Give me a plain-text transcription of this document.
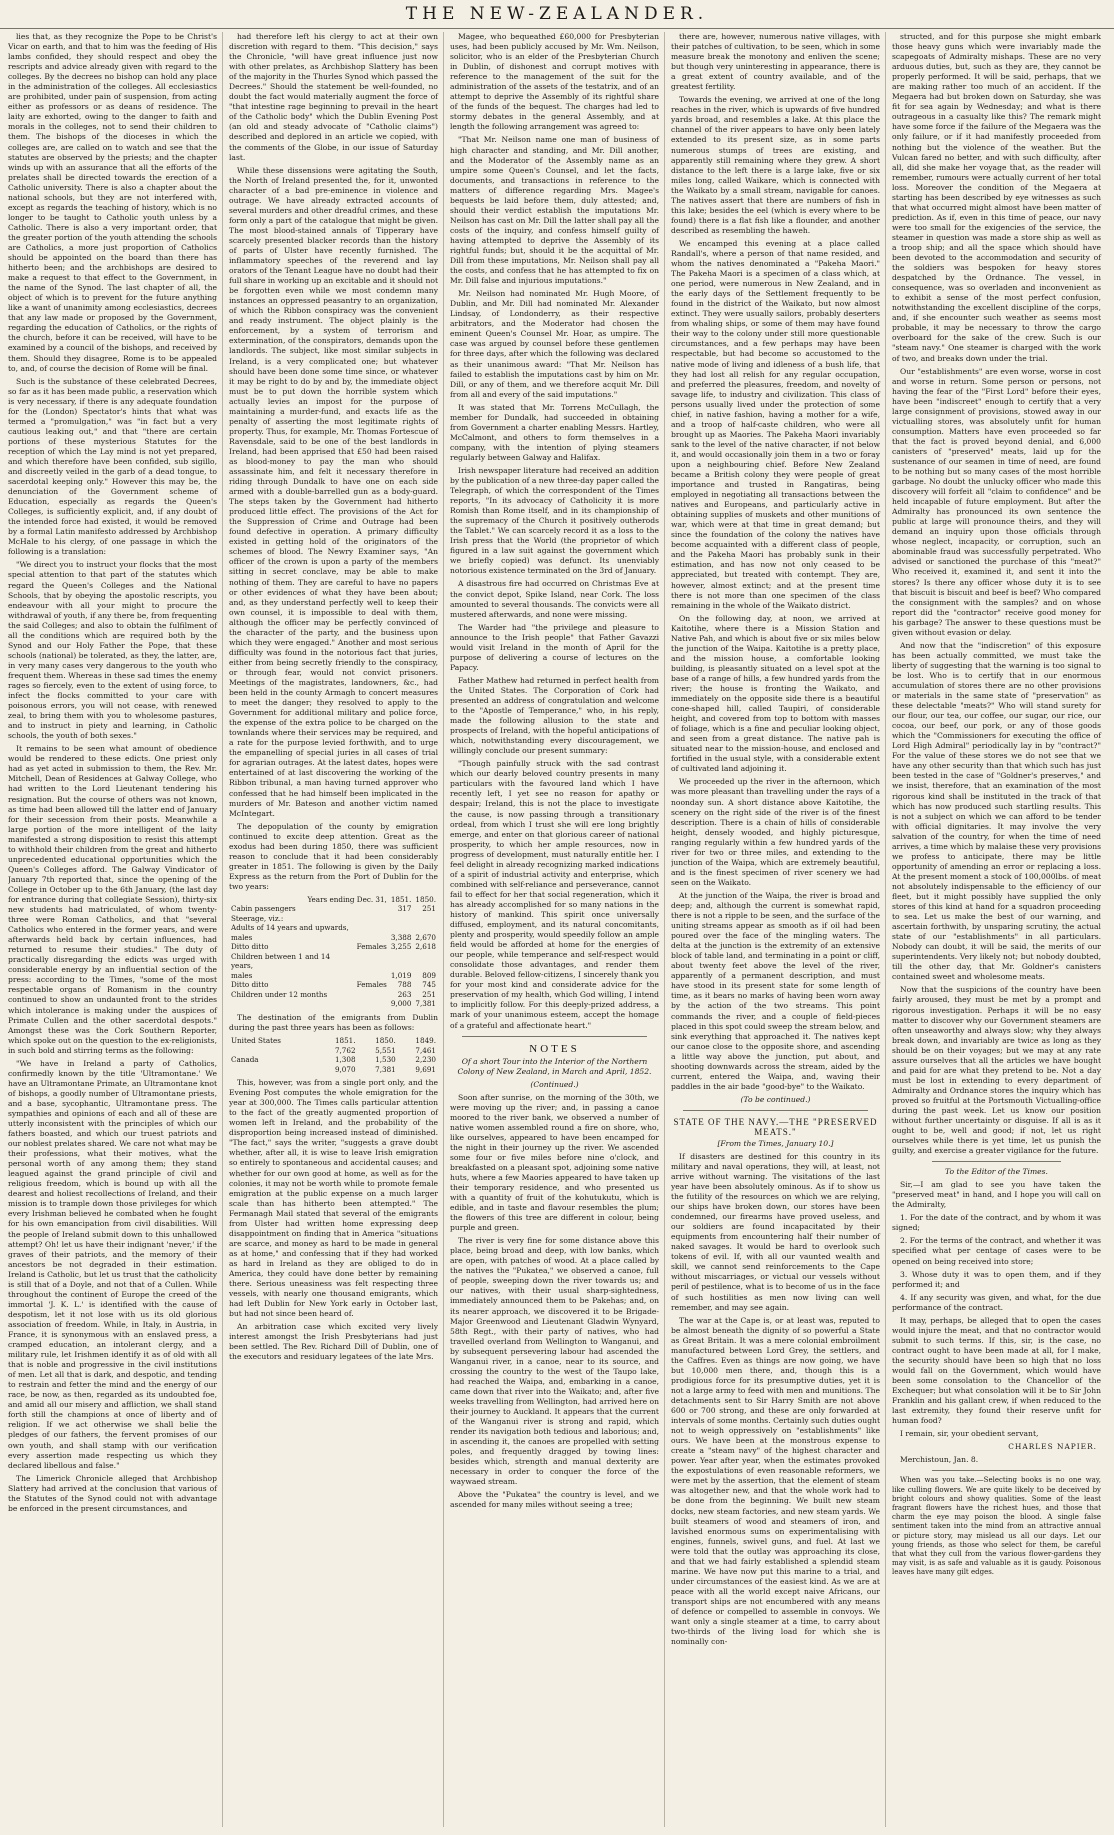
THE NEW-ZEALANDER.

lies that, as they recognize the Pope to be Christ's Vicar on earth, and that to him was the feeding of His lambs confided, they should respect and obey the rescripts and advice already given with regard to the colleges. By the decrees no bishop can hold any place in the administration of the colleges. All ecclesiastics are prohibited, under pain of suspension, from acting either as professors or as deans of residence. The laity are exhorted, owing to the danger to faith and morals in the colleges, not to send their children to them. The bishops of the dioceses in which the colleges are, are called on to watch and see that the statutes are observed by the priests; and the chapter winds up with an assurance that all the efforts of the prelates shall be directed towards the erection of a Catholic university. There is also a chapter about the national schools, but they are not interfered with, except as regards the teaching of history, which is no longer to be taught to Catholic youth unless by a Catholic. There is also a very important order, that the greater portion of the youth attending the schools are Catholics, a more just proportion of Catholics should be appointed on the board than there has hitherto been; and the archbishops are desired to make a request to that effect to the Government, in the name of the Synod. The last chapter of all, the object of which is to prevent for the future anything like a want of unanimity among ecclesiastics, decrees that any law made or proposed by the Government, regarding the education of Catholics, or the rights of the church, before it can be received, will have to be examined by a council of the bishops, and received by them. Should they disagree, Rome is to be appealed to, and, of course the decision of Rome will be final.

Such is the substance of these celebrated Decrees, so far as it has been made public, a reservation which is very necessary, if there is any adequate foundation for the (London) Spectator's hints that what was termed a "promulgation," was "in fact but a very cautious leaking out," and that "there are certain portions of these mysterious Statutes for the reception of which the Lay mind is not yet prepared, and which therefore have been confided, sub sigillo, and discreetly veiled in the garb of a dead tongue, to sacerdotal keeping only." However this may be, the denunciation of the Government scheme of Education, especially as regards the Queen's Colleges, is sufficiently explicit, and, if any doubt of the intended force had existed, it would be removed by a formal Latin manifesto addressed by Archbishop McHale to his clergy, of one passage in which the following is a translation:

"We direct you to instruct your flocks that the most special attention to that part of the statutes which regard the Queen's Colleges and the National Schools, that by obeying the apostolic rescripts, you endeavour with all your might to procure the withdrawal of youth, if any there be, from frequenting the said Colleges; and also to obtain the fulfilment of all the conditions which are required both by the Synod and our Holy Father the Pope, that these schools (national) be tolerated, as they, the latter, are, in very many cases very dangerous to the youth who frequent them. Whereas in these sad times the enemy rages so fiercely, even to the extent of using force, to infect the flocks committed to your care with poisonous errors, you will not cease, with renewed zeal, to bring them with you to wholesome pastures, and to instruct in piety and learning, in Catholic schools, the youth of both sexes."

It remains to be seen what amount of obedience would be rendered to these edicts. One priest only had as yet acted in submission to them, the Rev. Mr. Mitchell, Dean of Residences at Galway College, who had written to the Lord Lieutenant tendering his resignation. But the course of others was not known, as time had been allowed till the latter end of January for their secession from their posts. Meanwhile a large portion of the more intelligent of the laity manifested a strong disposition to resist this attempt to withhold their children from the great and hitherto unprecedented educational opportunities which the Queen's Colleges afford. The Galway Vindicator of January 7th reported that, since the opening of the College in October up to the 6th January, (the last day for entrance during that collegiate Session), thirty-six new students had matriculated, of whom twenty-three were Roman Catholics, and that "several Catholics who entered in the former years, and were afterwards held back by certain influences, had returned to resume their studies." The duty of practically disregarding the edicts was urged with considerable energy by an influential section of the press: according to the Times, "some of the most respectable organs of Romanism in the country continued to show an undaunted front to the strides which intolerance is making under the auspices of Primate Cullen and the other sacerdotal despots." Amongst these was the Cork Southern Reporter, which spoke out on the question to the ex-religionists, in such bold and stirring terms as the following:

"We have in Ireland a party of Catholics, confirmedly known by the title 'Ultramontane.' We have an Ultramontane Primate, an Ultramontane knot of bishops, a goodly number of Ultramontane priests, and a base, sycophantic, Ultramontane press. The sympathies and opinions of each and all of these are utterly inconsistent with the principles of which our fathers boasted, and which our truest patriots and our noblest prelates shared. We care not what may be their professions, what their motives, what the personal worth of any among them; they stand leagued against the grand principle of civil and religious freedom, which is bound up with all the dearest and holiest recollections of Ireland, and their mission is to trample down those privileges for which every Irishman believed he combated when he fought for his own emancipation from civil disabilities. Will the people of Ireland submit down to this unhallowed attempt? Oh! let us have their indignant 'never,' if the graves of their patriots, and the memory of their ancestors be not degraded in their estimation. Ireland is Catholic, but let us trust that the catholicity is still that of a Doyle, and not that of a Cullen. While throughout the continent of Europe the creed of the immortal 'J. K. L.' is identified with the cause of despotism, let it not lose with us its old glorious association of freedom. While, in Italy, in Austria, in France, it is synonymous with an enslaved press, a cramped education, an intolerant clergy, and a military rule, let Irishmen identify it as of old with all that is noble and progressive in the civil institutions of men. Let all that is dark, and despotic, and tending to restrain and fetter the mind and the energy of our race, be now, as then, regarded as its undoubted foe, and amid all our misery and affliction, we shall stand forth still the champions at once of liberty and of religion. If we act otherwise we shall belie the pledges of our fathers, the fervent promises of our own youth, and shall stamp with our verification every assertion made respecting us which they declared libellous and false."

The Limerick Chronicle alleged that Archbishop Slattery had arrived at the conclusion that various of the Statutes of the Synod could not with advantage be enforced in the present circumstances, and

had therefore left his clergy to act at their own discretion with regard to them. "This decision," says the Chronicle, "will have great influence just now with other prelates, as Archbishop Slattery has been of the majority in the Thurles Synod which passed the Decrees." Should the statement be well-founded, no doubt the fact would materially augment the force of "that intestine rage beginning to prevail in the heart of the Catholic body" which the Dublin Evening Post (an old and steady advocate of "Catholic claims") described and deplored in an article we copied, with the comments of the Globe, in our issue of Saturday last.

While these dissensions were agitating the South, the North of Ireland presented the, for it, unwonted character of a bad pre-eminence in violence and outrage. We have already extracted accounts of several murders and other dreadful crimes, and these form only a part of the catalogue that might be given. The most blood-stained annals of Tipperary have scarcely presented blacker records than the history of parts of Ulster have recently furnished. The inflammatory speeches of the reverend and lay orators of the Tenant League have no doubt had their full share in working up an excitable and it should not be forgotten even while we most condemn many instances an oppressed peasantry to an organization, of which the Ribbon conspiracy was the convenient and ready instrument. The object plainly is the enforcement, by a system of terrorism and extermination, of the conspirators, demands upon the landlords. The subject, like most similar subjects in Ireland, is a very complicated one; but whatever should have been done some time since, or whatever it may be right to do by and by, the immediate object must be to put down the horrible system which actually levies an impost for the purpose of maintaining a murder-fund, and exacts life as the penalty of asserting the most legitimate rights of property. Thus, for example, Mr. Thomas Fortescue of Ravensdale, said to be one of the best landlords in Ireland, had been apprised that £50 had been raised as blood-money to pay the man who should assassinate him, and felt it necessary therefore in riding through Dundalk to have one on each side armed with a double-barrelled gun as a body-guard. The steps taken by the Government had hitherto produced little effect. The provisions of the Act for the Suppression of Crime and Outrage had been found defective in operation. A primary difficulty existed in getting hold of the originators of the schemes of blood. The Newry Examiner says, "An officer of the crown is upon a party of the members sitting in secret conclave, may be able to make nothing of them. They are careful to have no papers or other evidences of what they have been about; and, as they understand perfectly well to keep their own counsel, it is impossible to deal with them, although the officer may be perfectly convinced of the character of the party, and the business upon which they were engaged." Another and most serious difficulty was found in the notorious fact that juries, either from being secretly friendly to the conspiracy, or through fear, would not convict prisoners. Meetings of the magistrates, landowners, &c., had been held in the county Armagh to concert measures to meet the danger; they resolved to apply to the Government for additional military and police force, the expense of the extra police to be charged on the townlands where their services may be required, and a rate for the purpose levied forthwith, and to urge the empanelling of special juries in all cases of trial for agrarian outrages. At the latest dates, hopes were entertained of at last discovering the working of the Ribbon tribunal, a man having turned approver who confessed that he had himself been implicated in the murders of Mr. Bateson and another victim named McIntegart.

The depopulation of the county by emigration continued to excite deep attention. Great as the exodus had been during 1850, there was sufficient reason to conclude that it had been considerably greater in 1851. The following is given by the Daily Express as the return from the Port of Dublin for the two years:

Years ending Dec. 31,		1851.	1850.
Cabin passengers		317	251
Steerage, viz.:			
Adults of 14 years and upwards,			
males		3,388	2,670
Ditto ditto	Females	3,255	2,618
Children between 1 and 14 years,			
males		1,019	809
Ditto ditto	Females	788	745
Children under 12 months		263	251
		9,000	7,381

The destination of the emigrants from Dublin during the past three years has been as follows:

United States	1851.	1850.	1849.
	7,762	5,551	7,461
Canada	1,308	1,530	2,230
	9,070	7,381	9,691

This, however, was from a single port only, and the Evening Post computes the whole emigration for the year at 300,000. The Times calls particular attention to the fact of the greatly augmented proportion of women left in Ireland, and the probability of the disproportion being increased instead of diminished. "The fact," says the writer, "suggests a grave doubt whether, after all, it is wise to leave Irish emigration so entirely to spontaneous and accidental causes; and whether for our own good at home, as well as for the colonies, it may not be worth while to promote female emigration at the public expense on a much larger scale than has hitherto been attempted." The Fermanagh Mail stated that several of the emigrants from Ulster had written home expressing deep disappointment on finding that in America "situations are scarce, and money as hard to be made in general as at home," and confessing that if they had worked as hard in Ireland as they are obliged to do in America, they could have done better by remaining there. Serious uneasiness was felt respecting three vessels, with nearly one thousand emigrants, which had left Dublin for New York early in October last, but had not since been heard of.

An arbitration case which excited very lively interest amongst the Irish Presbyterians had just been settled. The Rev. Richard Dill of Dublin, one of the executors and residuary legatees of the late Mrs.

Magee, who bequeathed £60,000 for Presbyterian uses, had been publicly accused by Mr. Wm. Neilson, solicitor, who is an elder of the Presbyterian Church in Dublin, of dishonest and corrupt motives with reference to the management of the suit for the administration of the assets of the testatrix, and of an attempt to deprive the Assembly of its rightful share of the funds of the bequest. The charges had led to stormy debates in the general Assembly, and at length the following arrangement was agreed to:

"That Mr. Neilson name one man of business of high character and standing, and Mr. Dill another, and the Moderator of the Assembly name as an umpire some Queen's Counsel, and let the facts, documents, and transactions in reference to the matters of difference regarding Mrs. Magee's bequests be laid before them, duly attested; and, should their verdict establish the imputations Mr. Neilson has cast on Mr. Dill the latter shall pay all the costs of the inquiry, and confess himself guilty of having attempted to deprive the Assembly of its rightful funds; but, should it be the acquittal of Mr. Dill from these imputations, Mr. Neilson shall pay all the costs, and confess that he has attempted to fix on Mr. Dill false and injurious imputations."

Mr. Neilson had nominated Mr. Hugh Moore, of Dublin, and Mr. Dill had nominated Mr. Alexander Lindsay, of Londonderry, as their respective arbitrators, and the Moderator had chosen the eminent Queen's Counsel Mr. Hoar, as umpire. The case was argued by counsel before these gentlemen for three days, after which the following was declared as their unanimous award: "That Mr. Neilson has failed to establish the imputations cast by him on Mr. Dill, or any of them, and we therefore acquit Mr. Dill from all and every of the said imputations."

It was stated that Mr. Torrens McCullagh, the member for Dundalk, had succeeded in obtaining from Government a charter enabling Messrs. Hartley, McCalmont, and others to form themselves in a company, with the intention of plying steamers regularly between Galway and Halifax.

Irish newspaper literature had received an addition by the publication of a new three-day paper called the Telegraph, of which the correspondent of the Times reports, "In its advocacy of Catholicity it is more Romish than Rome itself, and in its championship of the supremacy of the Church it positively outherods the Tablet." We can scarcely record it as a loss to the Irish press that the World (the proprietor of which figured in a law suit against the government which we briefly copied) was defunct. Its unenviably notorious existence terminated on the 3rd of January.

A disastrous fire had occurred on Christmas Eve at the convict depot, Spike Island, near Cork. The loss amounted to several thousands. The convicts were all mustered afterwards, and none were missing.

The Warder had "the privilege and pleasure to announce to the Irish people" that Father Gavazzi would visit Ireland in the month of April for the purpose of delivering a course of lectures on the Papacy.

Father Mathew had returned in perfect health from the United States. The Corporation of Cork had presented an address of congratulation and welcome to the "Apostle of Temperance," who, in his reply, made the following allusion to the state and prospects of Ireland, with the hopeful anticipations of which, notwithstanding every discouragement, we willingly conclude our present summary:

"Though painfully struck with the sad contrast which our dearly beloved country presents in many particulars with the favoured land which I have recently left, I yet see no reason for apathy or despair; Ireland, this is not the place to investigate the cause, is now passing through a transitionary ordeal, from which I trust she will ere long brightly emerge, and enter on that glorious career of national prosperity, to which her ample resources, now in progress of development, must naturally entitle her. I feel delight in already recognizing marked indications of a spirit of industrial activity and enterprise, which combined with self-reliance and perseverance, cannot fail to effect for her that social regeneration, which it has already accomplished for so many nations in the history of mankind. This spirit once universally diffused, employment, and its natural concomitants, plenty and prosperity, would speedily follow an ample field would be afforded at home for the energies of our people, while temperance and self-respect would consolidate those advantages, and render them durable. Beloved fellow-citizens, I sincerely thank you for your most kind and considerate advice for the preservation of my health, which God willing, I intend to implicitly follow. For this deeply-prized address, a mark of your unanimous esteem, accept the homage of a grateful and affectionate heart."

NOTES
Of a short Tour into the Interior of the Northern Colony of New Zealand, in March and April, 1852.
(Continued.)

Soon after sunrise, on the morning of the 30th, we were moving up the river; and, in passing a canoe moored to the river bank, we observed a number of native women assembled round a fire on shore, who, like ourselves, appeared to have been encamped for the night in their journey up the river. We ascended some four or five miles before nine o'clock, and breakfasted on a pleasant spot, adjoining some native huts, where a few Maories appeared to have taken up their temporary residence, and who presented us with a quantity of fruit of the kohutukutu, which is edible, and in taste and flavour resembles the plum; the flowers of this tree are different in colour, being purple and green.

The river is very fine for some distance above this place, being broad and deep, with low banks, which are open, with patches of wood. At a place called by the natives the "Pukatea," we observed a canoe, full of people, sweeping down the river towards us; and our natives, with their usual sharp-sightedness, immediately announced them to be Pakehas; and, on its nearer approach, we discovered it to be Brigade-Major Greenwood and Lieutenant Gladwin Wynyard, 58th Regt., with their party of natives, who had travelled overland from Wellington to Wanganui, and by subsequent persevering labour had ascended the Wanganui river, in a canoe, near to its source, and crossing the country to the west of the Taupo lake, had reached the Waipa, and, embarking in a canoe, came down that river into the Waikato; and, after five weeks travelling from Wellington, had arrived here on their journey to Auckland. It appears that the current of the Wanganui river is strong and rapid, which render its navigation both tedious and laborious; and, in ascending it, the canoes are propelled with setting poles, and frequently dragged by towing lines: besides which, strength and manual dexterity are necessary in order to conquer the force of the waywaed stream.

Above the "Pukatea" the country is level, and we ascended for many miles without seeing a tree;

there are, however, numerous native villages, with their patches of cultivation, to be seen, which in some measure break the monotony and enliven the scene; but though very uninteresting in appearance, there is a great extent of country available, and of the greatest fertility.

Towards the evening, we arrived at one of the long reaches in the river, which is upwards of five hundred yards broad, and resembles a lake. At this place the channel of the river appears to have only been lately extended to its present size, as in some parts numerous stumps of trees are existing, and apparently still remaining where they grew. A short distance to the left there is a large lake, five or six miles long, called Waikare, which is connected with the Waikato by a small stream, navigable for canoes. The natives assert that there are numbers of fish in this lake; besides the eel (which is every where to be found) there is a flat fish like a flounder, and another described as resembling the haweh.

We encamped this evening at a place called Randall's, where a person of that name resided, and whom the natives denominated a "Pakeha Maori." The Pakeha Maori is a specimen of a class which, at one period, were numerous in New Zealand, and in the early days of the Settlement frequently to be found in the district of the Waikato, but now almost extinct. They were usually sailors, probably deserters from whaling ships, or some of them may have found their way to the colony under still more questionable circumstances, and a few perhaps may have been respectable, but had become so accustomed to the native mode of living and idleness of a bush life, that they had lost all relish for any regular occupation, and preferred the pleasures, freedom, and novelty of savage life, to industry and civilization. This class of persons usually lived under the protection of some chief, in native fashion, having a mother for a wife, and a troop of half-caste children, who were all brought up as Maories. The Pakeha Maori invariably sank to the level of the native character, if not below it, and would occasionally join them in a two or foray upon a neighbouring chief. Before New Zealand became a British colony they were people of great importance and trusted in Rangatiras, being employed in negotiating all transactions between the natives and Europeans, and particularly active in obtaining supplies of muskets and other munitions of war, which were at that time in great demand; but since the foundation of the colony the natives have become acquainted with a different class of people, and the Pakeha Maori has probably sunk in their estimation, and has now not only ceased to be appreciated, but treated with contempt. They are, however, almost extinct; and at the present time there is not more than one specimen of the class remaining in the whole of the Waikato district.

On the following day, at noon, we arrived at Kaitotihe, where there is a Mission Station and Native Pah, and which is about five or six miles below the junction of the Waipa. Kaitotihe is a pretty place, and the mission house, a comfortable looking building, is pleasantly situated on a level spot at the base of a range of hills, a few hundred yards from the river; the house is fronting the Waikato, and immediately on the opposite side there is a beautiful cone-shaped hill, called Taupiri, of considerable height, and covered from top to bottom with masses of foliage, which is a fine and peculiar looking object, and seen from a great distance. The native pah is situated near to the mission-house, and enclosed and fortified in the usual style, with a considerable extent of cultivated land adjoining it.

We proceeded up the river in the afternoon, which was more pleasant than travelling under the rays of a noonday sun. A short distance above Kaitotihe, the scenery on the right side of the river is of the finest description. There is a chain of hills of considerable height, densely wooded, and highly picturesque, ranging regularly within a few hundred yards of the river for two or three miles, and extending to the junction of the Waipa, which are extremely beautiful, and is the finest specimen of river scenery we had seen on the Waikato.

At the junction of the Waipa, the river is broad and deep; and, although the current is somewhat rapid, there is not a ripple to be seen, and the surface of the uniting streams appear as smooth as if oil had been poured over the face of the mingling waters. The delta at the junction is the extremity of an extensive block of table land, and terminating in a point or cliff, about twenty feet above the level of the river, apparently of a permanent description, and must have stood in its present state for some length of time, as it bears no marks of having been worn away by the action of the two streams. This point commands the river, and a couple of field-pieces placed in this spot could sweep the stream below, and sink everything that approached it. The natives kept our canoe close to the opposite shore, and ascending a little way above the junction, put about, and shooting downwards across the stream, aided by the current, entered the Waipa, and, waving their paddles in the air bade "good-bye" to the Waikato.

(To be continued.)
STATE OF THE NAVY.—THE "PRESERVED MEATS."
[From the Times, January 10.]

If disasters are destined for this country in its military and naval operations, they will, at least, not arrive without warning. The visitations of the last year have been absolutely ominous. As if to show us the futility of the resources on which we are relying, our ships have broken down, our stores have been condemned, our firearms have proved useless, and our soldiers are found incapacitated by their equipments from encountering half their number of naked savages. It would be hard to overlook such tokens of evil. If, with all our vaunted wealth and skill, we cannot send reinforcements to the Cape without miscarriages, or victual our vessels without peril of pestilence, what is to become of us in the face of such hostilities as men now living can well remember, and may see again.

The war at the Cape is, or at least was, reputed to be almost beneath the dignity of so powerful a State as Great Britain. It was a mere colonial embroilment manufactured between Lord Grey, the settlers, and the Caffres. Even as things are now going, we have but 10,000 men there, and, though this is a prodigious force for its presumptive duties, yet it is not a large army to feed with men and munitions. The detachments sent to Sir Harry Smith are not above 600 or 700 strong, and these are only forwarded at intervals of some months. Certainly such duties ought not to weigh oppressively on "establishments" like ours. We have been at the monstrous expense to create a "steam navy" of the highest character and power. Year after year, when the estimates provoked the expostulations of even reasonable reformers, we were met by the assertion, that the element of steam was altogether new, and that the whole work had to be done from the beginning. We built new steam docks, new steam factories, and new steam yards. We built steamers of wood and steamers of iron, and lavished enormous sums on experimentalising with engines, funnels, swivel guns, and fuel. At last we were told that the outlay was approaching its close, and that we had fairly established a splendid steam marine. We have now put this marine to a trial, and under circumstances of the easiest kind. As we are at peace with all the world except naive Africans, our transport ships are not encumbered with any means of defence or compelled to assemble in convoys. We want only a single steamer at a time, to carry about two-thirds of the living load for which she is nominally con-

structed, and for this purpose she might embark those heavy guns which were invariably made the scapegoats of Admiralty mishaps. These are no very arduous duties, but, such as they are, they cannot be properly performed. It will be said, perhaps, that we are making rather too much of an accident. If the Megaera had but broken down on Saturday, she was fit for sea again by Wednesday; and what is there outrageous in a casualty like this? The remark might have some force if the failure of the Megaera was the only failure, or if it had manifestly proceeded from nothing but the violence of the weather. But the Vulcan fared no better, and with such difficulty, after all, did she make her voyage that, as the reader will remember, rumours were actually current of her total loss. Moreover the condition of the Megaera at starting has been described by eye witnesses as such that what occurred might almost have been matter of prediction. As if, even in this time of peace, our navy were too small for the exigencies of the service, the steamer in question was made a store ship as well as a troop ship; and all the space which should have been devoted to the accommodation and security of the soldiers was bespoken for heavy stores despatched by the Ordnance. The vessel, in consequence, was so overladen and inconvenient as to exhibit a sense of the most perfect confusion, notwithstanding the excellent discipline of the corps, and, if she encounter such weather as seems most probable, it may be necessary to throw the cargo overboard for the sake of the crew. Such is our "steam navy." One steamer is charged with the work of two, and breaks down under the trial.

Our "establishments" are even worse, worse in cost and worse in return. Some person or persons, not having the fear of the "First Lord" before their eyes, have been "indiscreet" enough to certify that a very large consignment of provisions, stowed away in our victualling stores, was absolutely unfit for human consumption. Matters have even proceeded so far that the fact is proved beyond denial, and 6,000 canisters of "preserved" meats, laid up for the sustenance of our seamen in time of need, are found to be nothing but so many cases of the most horrible garbage. No doubt the unlucky officer who made this discovery will forfeit all "claim to confidence" and be held incapable of future employment. But after the Admiralty has pronounced its own sentence the public at large will pronounce theirs, and they will demand an inquiry upon those officials through whose neglect, incapacity, or corruption, such an abominable fraud was successfully perpetrated. Who advised or sanctioned the purchase of this "meat?" Who received it, examined it, and sent it into the stores? Is there any officer whose duty it is to see that biscuit is biscuit and beef is beef? Who compared the consignment with the samples? and on whose report did the "contractor" receive good money for his garbage? The answer to these questions must be given without evasion or delay.

And now that the "indiscretion" of this exposure has been actually committed, we must take the liberty of suggesting that the warning is too signal to be lost. Who is to certify that in our enormous accumulation of stores there are no other provisions or materials in the same state of "preservation" as these delectable "meats?" Who will stand surety for our flour, our tea, our coffee, our sugar, our rice, our cocoa, our beef, our pork, or any of those goods which the "Commissioners for executing the office of Lord High Admiral" periodically lay in by "contract?" For the value of these stores we do not see that we have any other security than that which such has just been tested in the case of "Goldner's preserves," and we insist, therefore, that an examination of the most rigorous kind shall be instituted in the track of that which has now produced such startling results. This is not a subject on which we can afford to be tender with official dignitaries. It may involve the very salvation of the country, for when the time of need arrives, a time which by malaise these very provisions we profess to anticipate, there may be little opportunity of amending an error or replacing a loss. At the present moment a stock of 100,000lbs. of meat not absolutely indispensable to the efficiency of our fleet, but it might possibly have supplied the only stores of this kind at hand for a squadron proceeding to sea. Let us make the best of our warning, and ascertain forthwith, by unsparing scrutiny, the actual state of our "establishments" in all particulars. Nobody can doubt, it will be said, the merits of our superintendents. Very likely not; but nobody doubted, till the other day, that Mr. Goldner's canisters contained sweet and wholesome meats.

Now that the suspicions of the country have been fairly aroused, they must be met by a prompt and rigorous investigation. Perhaps it will be no easy matter to discover why our Government steamers are often unseaworthy and always slow; why they always break down, and invariably are twice as long as they should be on their voyages; but we may at any rate assure ourselves that all the articles we have bought and paid for are what they pretend to be. Not a day must be lost in extending to every department of Admiralty and Ordnance stores the inquiry which has proved so fruitful at the Portsmouth Victualling-office during the past week. Let us know our position without further uncertainty or disguise. If all is as it ought to be, well and good; if not, let us right ourselves while there is yet time, let us punish the guilty, and exercise a greater vigilance for the future.

To the Editor of the Times.

Sir,—I am glad to see you have taken the "preserved meat" in hand, and I hope you will call on the Admiralty,

1. For the date of the contract, and by whom it was signed;

2. For the terms of the contract, and whether it was specified what per centage of cases were to be opened on being received into store;

3. Whose duty it was to open them, and if they performed it; and

4. If any security was given, and what, for the due performance of the contract.

It may, perhaps, be alleged that to open the cases would injure the meat, and that no contractor would submit to such terms. If this, sir, is the case, no contract ought to have been made at all, for I make, the security should have been so high that no loss would fall on the Government, which would have been some consolation to the Chancellor of the Exchequer; but what consolation will it be to Sir John Franklin and his gallant crew, if when reduced to the last extremity, they found their reserve unfit for human food?

I remain, sir, your obedient servant,

CHARLES NAPIER.

Merchistoun, Jan. 8.

When was you take.—Selecting books is no one way, like culling flowers. We are quite likely to be deceived by bright colours and showy qualities. Some of the least fragrant flowers have the richest hues, and those that charm the eye may poison the blood. A single false sentiment taken into the mind from an attractive annual or picture story, may mislead us all our days. Let our young friends, as those who select for them, be careful that what they cull from the various flower-gardens they may visit, is as safe and valuable as it is gaudy. Poisonous leaves have many gilt edges.
